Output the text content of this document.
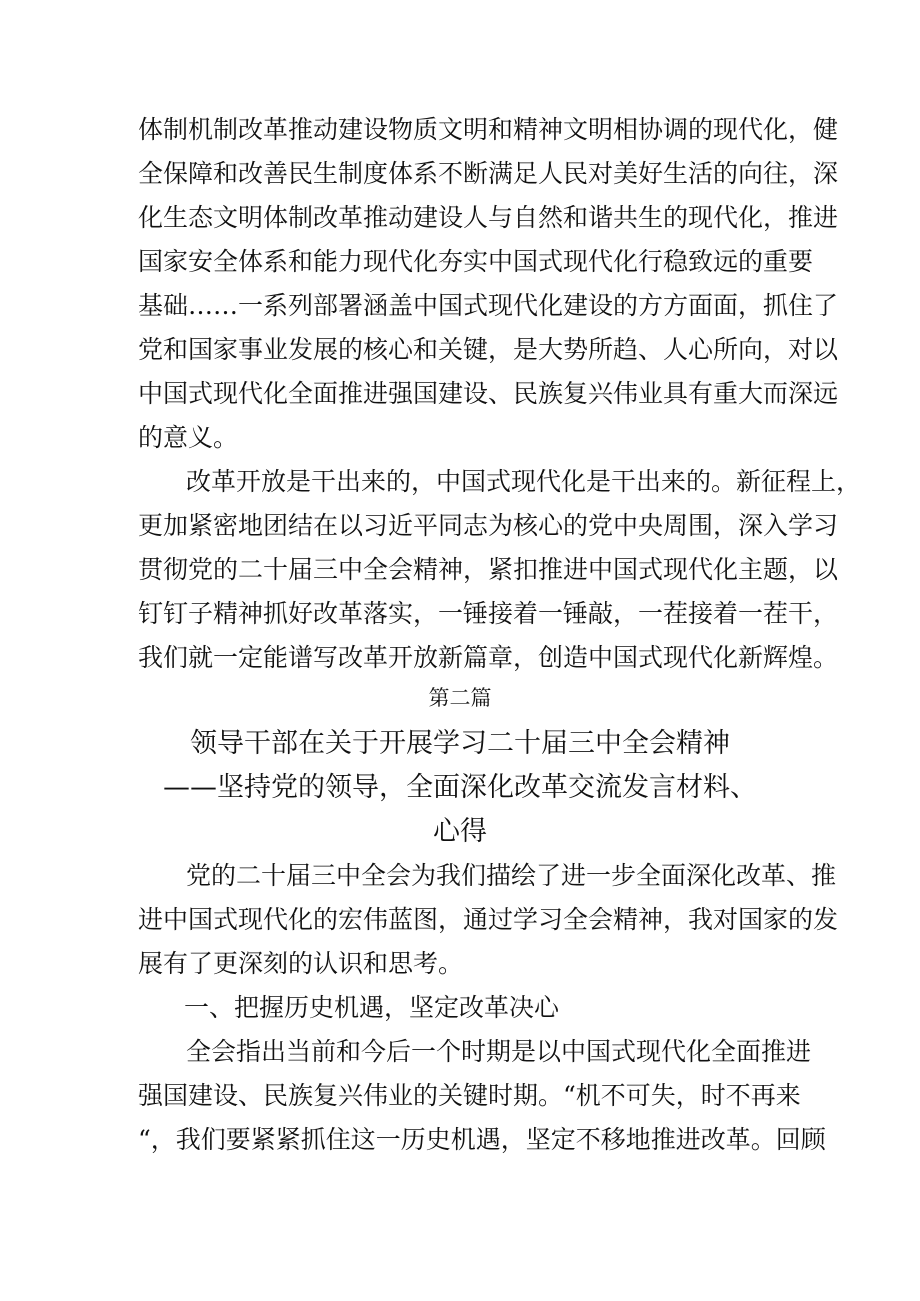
体制机制改革推动建设物质文明和精神文明相协调的现代化，健
全保障和改善民生制度体系不断满足人民对美好生活的向往，深
化生态文明体制改革推动建设人与自然和谐共生的现代化，推进
国家安全体系和能力现代化夯实中国式现代化行稳致远的重要
基础……一系列部署涵盖中国式现代化建设的方方面面，抓住了
党和国家事业发展的核心和关键，是大势所趋、人心所向，对以
中国式现代化全面推进强国建设、民族复兴伟业具有重大而深远
的意义。
改革开放是干出来的，中国式现代化是干出来的。新征程上，
更加紧密地团结在以习近平同志为核心的党中央周围，深入学习
贯彻党的二十届三中全会精神，紧扣推进中国式现代化主题，以
钉钉子精神抓好改革落实，一锤接着一锤敲，一茬接着一茬干，
我们就一定能谱写改革开放新篇章，创造中国式现代化新辉煌。
第二篇
领导干部在关于开展学习二十届三中全会精神
——坚持党的领导，全面深化改革交流发言材料、
心得
党的二十届三中全会为我们描绘了进一步全面深化改革、推
进中国式现代化的宏伟蓝图，通过学习全会精神，我对国家的发
展有了更深刻的认识和思考。
一、把握历史机遇，坚定改革决心
全会指出当前和今后一个时期是以中国式现代化全面推进
强国建设、民族复兴伟业的关键时期。“机不可失，时不再来
“，我们要紧紧抓住这一历史机遇，坚定不移地推进改革。回顾
